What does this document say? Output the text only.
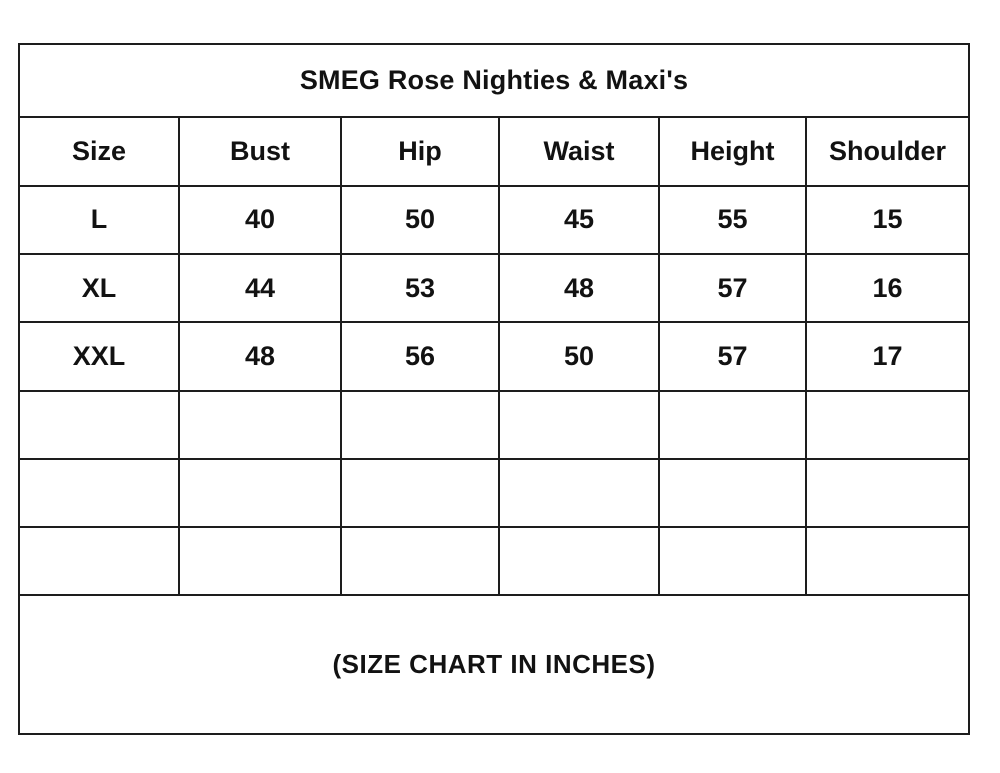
SMEG Rose Nighties & Maxi's					
Size	Bust	Hip	Waist	Height	Shoulder
L	40	50	45	55	15
XL	44	53	48	57	16
XXL	48	56	50	57	17

(SIZE CHART IN INCHES)					
